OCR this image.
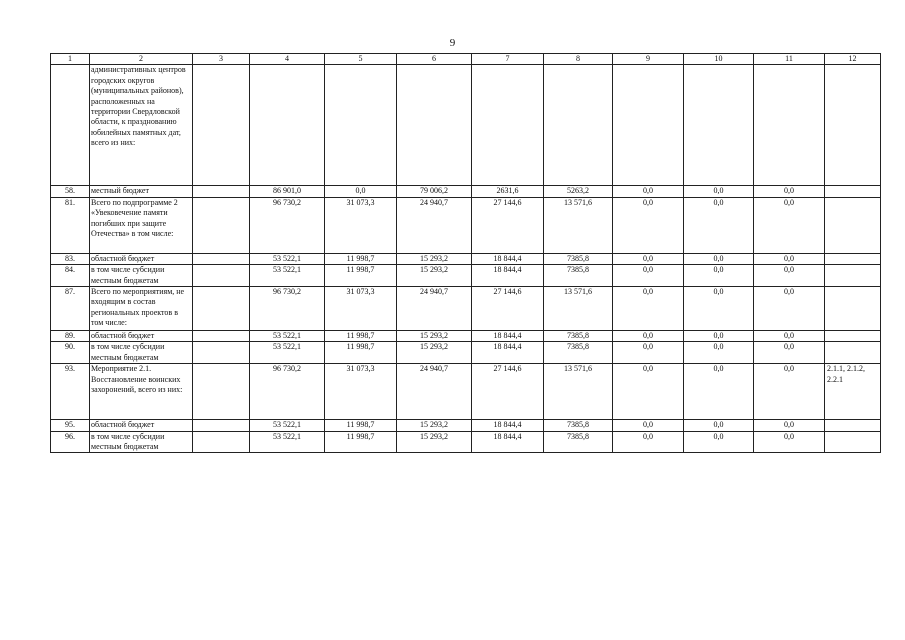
9
1	2	3	4	5	6	7	8	9	10	11	12
	административных центров городских округов (муниципальных районов), расположенных на территории Свердловской области, к празднованию юбилейных памятных дат, всего из них:										
58.	местный бюджет		86 901,0	0,0	79 006,2	2631,6	5263,2	0,0	0,0	0,0	
81.	Всего по подпрограмме 2 «Увековечение памяти погибших при защите Отечества» в том числе:		96 730,2	31 073,3	24 940,7	27 144,6	13 571,6	0,0	0,0	0,0	
83.	областной бюджет		53 522,1	11 998,7	15 293,2	18 844,4	7385,8	0,0	0,0	0,0	
84.	в том числе субсидии местным бюджетам		53 522,1	11 998,7	15 293,2	18 844,4	7385,8	0,0	0,0	0,0	
87.	Всего по мероприятиям, не входящим в состав региональных проектов в том числе:		96 730,2	31 073,3	24 940,7	27 144,6	13 571,6	0,0	0,0	0,0	
89.	областной бюджет		53 522,1	11 998,7	15 293,2	18 844,4	7385,8	0,0	0,0	0,0	
90.	в том числе субсидии местным бюджетам		53 522,1	11 998,7	15 293,2	18 844,4	7385,8	0,0	0,0	0,0	
93.	Мероприятие 2.1. Восстановление воинских захоронений, всего из них:		96 730,2	31 073,3	24 940,7	27 144,6	13 571,6	0,0	0,0	0,0	2.1.1, 2.1.2, 2.2.1
95.	областной бюджет		53 522,1	11 998,7	15 293,2	18 844,4	7385,8	0,0	0,0	0,0	
96.	в том числе субсидии местным бюджетам		53 522,1	11 998,7	15 293,2	18 844,4	7385,8	0,0	0,0	0,0	
